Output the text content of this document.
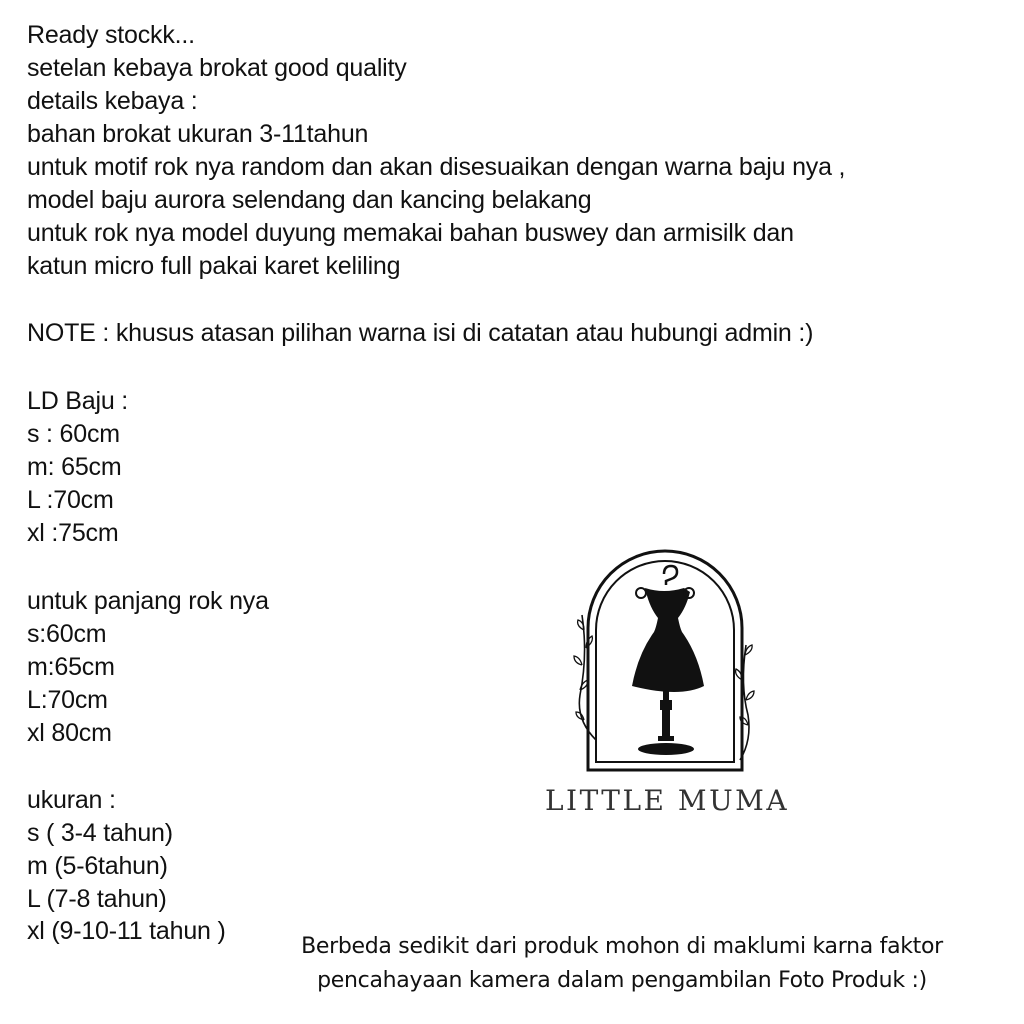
Ready stockk...
setelan kebaya brokat good quality
details kebaya :
bahan brokat ukuran 3-11tahun
untuk motif rok nya random dan akan disesuaikan dengan warna baju nya ,
model baju aurora selendang dan kancing belakang
untuk rok nya model duyung memakai bahan buswey dan armisilk dan
katun micro full pakai karet keliling
NOTE : khusus atasan pilihan warna isi di catatan atau hubungi admin :)
LD Baju :
s : 60cm
m: 65cm
L :70cm
xl :75cm
untuk panjang rok nya
s:60cm
m:65cm
L:70cm
xl 80cm
ukuran :
s ( 3-4 tahun)
m (5-6tahun)
L (7-8 tahun)
xl (9-10-11 tahun )
Berbeda sedikit dari produk mohon di maklumi karna faktor
pencahayaan kamera dalam pengambilan Foto Produk :)
LITTLE MUMA
